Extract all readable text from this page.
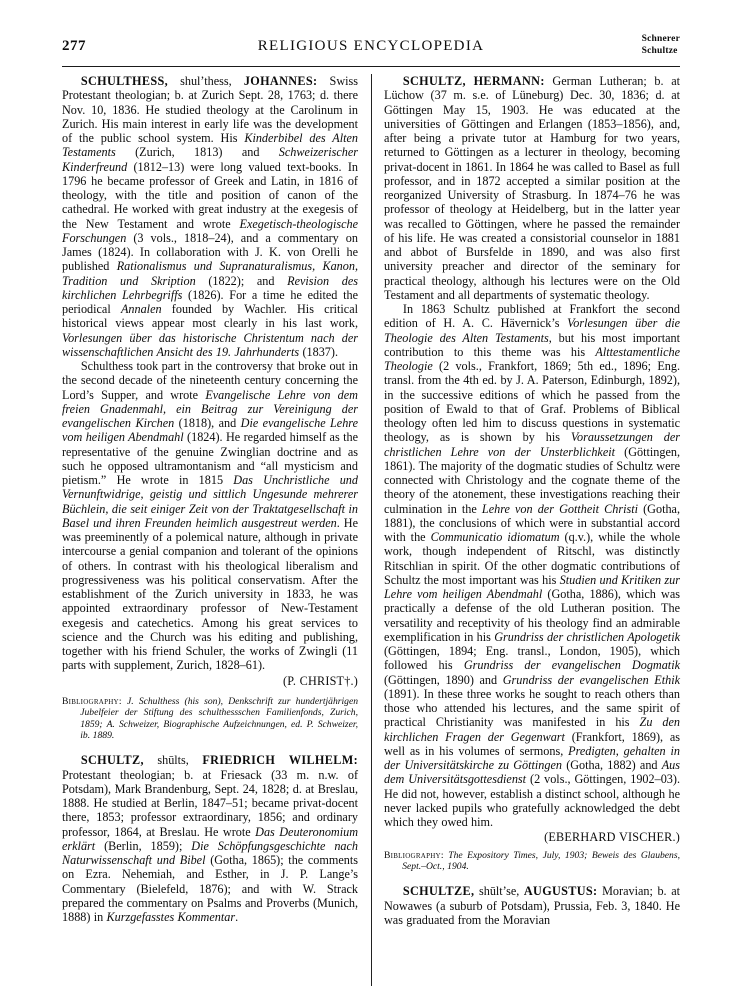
277	RELIGIOUS ENCYCLOPEDIA	Schnerer
Schultze

SCHULTHESS, shul’thess, JOHANNES: Swiss Protestant theologian; b. at Zurich Sept. 28, 1763; d. there Nov. 10, 1836. He studied theology at the Carolinum in Zurich. His main interest in early life was the development of the public school system. His Kinderbibel des Alten Testaments (Zurich, 1813) and Schweizerischer Kinderfreund (1812–13) were long valued text-books. In 1796 he became professor of Greek and Latin, in 1816 of theology, with the title and position of canon of the cathedral. He worked with great industry at the exegesis of the New Testament and wrote Exegetisch-theologische Forschungen (3 vols., 1818–24), and a commentary on James (1824). In collaboration with J. K. von Orelli he published Rationalismus und Supranaturalismus, Kanon, Tradition und Skription (1822); and Revision des kirchlichen Lehrbegriffs (1826). For a time he edited the periodical Annalen founded by Wachler. His critical historical views appear most clearly in his last work, Vorlesungen über das historische Christentum nach der wissenschaftlichen Ansicht des 19. Jahrhunderts (1837).

Schulthess took part in the controversy that broke out in the second decade of the nineteenth century concerning the Lord’s Supper, and wrote Evangelische Lehre von dem freien Gnadenmahl, ein Beitrag zur Vereinigung der evangelischen Kirchen (1818), and Die evangelische Lehre vom heiligen Abendmahl (1824). He regarded himself as the representative of the genuine Zwinglian doctrine and as such he opposed ultramontanism and “all mysticism and pietism.” He wrote in 1815 Das Unchristliche und Vernunftwidrige, geistig und sittlich Ungesunde mehrerer Büchlein, die seit einiger Zeit von der Traktatgesellschaft in Basel und ihren Freunden heimlich ausgestreut werden. He was preeminently of a polemical nature, although in private intercourse a genial companion and tolerant of the opinions of others. In contrast with his theological liberalism and progressiveness was his political conservatism. After the establishment of the Zurich university in 1833, he was appointed extraordinary professor of New-Testament exegesis and catechetics. Among his great services to science and the Church was his editing and publishing, together with his friend Schuler, the works of Zwingli (11 parts with supplement, Zurich, 1828–61).

(P. CHRIST†.)

Bibliography: J. Schulthess (his son), Denkschrift zur hundertjährigen Jubelfeier der Stiftung des schulthessschen Familienfonds, Zurich, 1859; A. Schweizer, Biographische Aufzeichnungen, ed. P. Schweizer, ib. 1889.

SCHULTZ, shūlts, FRIEDRICH WILHELM: Protestant theologian; b. at Friesack (33 m. n.w. of Potsdam), Mark Brandenburg, Sept. 24, 1828; d. at Breslau, 1888. He studied at Berlin, 1847–51; became privat-docent there, 1853; professor extraordinary, 1856; and ordinary professor, 1864, at Breslau. He wrote Das Deuteronomium erklärt (Berlin, 1859); Die Schöpfungsgeschichte nach Naturwissenschaft und Bibel (Gotha, 1865); the comments on Ezra. Nehemiah, and Esther, in J. P. Lange’s Commentary (Bielefeld, 1876); and with W. Strack prepared the commentary on Psalms and Proverbs (Munich, 1888) in Kurzgefasstes Kommentar.

SCHULTZ, HERMANN: German Lutheran; b. at Lüchow (37 m. s.e. of Lüneburg) Dec. 30, 1836; d. at Göttingen May 15, 1903. He was educated at the universities of Göttingen and Erlangen (1853–1856), and, after being a private tutor at Hamburg for two years, returned to Göttingen as a lecturer in theology, becoming privat-docent in 1861. In 1864 he was called to Basel as full professor, and in 1872 accepted a similar position at the reorganized University of Strasburg. In 1874–76 he was professor of theology at Heidelberg, but in the latter year was recalled to Göttingen, where he passed the remainder of his life. He was created a consistorial counselor in 1881 and abbot of Bursfelde in 1890, and was also first university preacher and director of the seminary for practical theology, although his lectures were on the Old Testament and all departments of systematic theology.

In 1863 Schultz published at Frankfort the second edition of H. A. C. Hävernick’s Vorlesungen über die Theologie des Alten Testaments, but his most important contribution to this theme was his Alttestamentliche Theologie (2 vols., Frankfort, 1869; 5th ed., 1896; Eng. transl. from the 4th ed. by J. A. Paterson, Edinburgh, 1892), in the successive editions of which he passed from the position of Ewald to that of Graf. Problems of Biblical theology often led him to discuss questions in systematic theology, as is shown by his Voraussetzungen der christlichen Lehre von der Unsterblichkeit (Göttingen, 1861). The majority of the dogmatic studies of Schultz were connected with Christology and the cognate theme of the theory of the atonement, these investigations reaching their culmination in the Lehre von der Gottheit Christi (Gotha, 1881), the conclusions of which were in substantial accord with the Communicatio idiomatum (q.v.), while the whole work, though independent of Ritschl, was distinctly Ritschlian in spirit. Of the other dogmatic contributions of Schultz the most important was his Studien und Kritiken zur Lehre vom heiligen Abendmahl (Gotha, 1886), which was practically a defense of the old Lutheran position. The versatility and receptivity of his theology find an admirable exemplification in his Grundriss der christlichen Apologetik (Göttingen, 1894; Eng. transl., London, 1905), which followed his Grundriss der evangelischen Dogmatik (Göttingen, 1890) and Grundriss der evangelischen Ethik (1891). In these three works he sought to reach others than those who attended his lectures, and the same spirit of practical Christianity was manifested in his Zu den kirchlichen Fragen der Gegenwart (Frankfort, 1869), as well as in his volumes of sermons, Predigten, gehalten in der Universitätskirche zu Göttingen (Gotha, 1882) and Aus dem Universitätsgottesdienst (2 vols., Göttingen, 1902–03). He did not, however, establish a distinct school, although he never lacked pupils who gratefully acknowledged the debt which they owed him.

(EBERHARD VISCHER.)

Bibliography: The Expository Times, July, 1903; Beweis des Glaubens, Sept.–Oct., 1904.

SCHULTZE, shūlt’se, AUGUSTUS: Moravian; b. at Nowawes (a suburb of Potsdam), Prussia, Feb. 3, 1840. He was graduated from the Moravian
